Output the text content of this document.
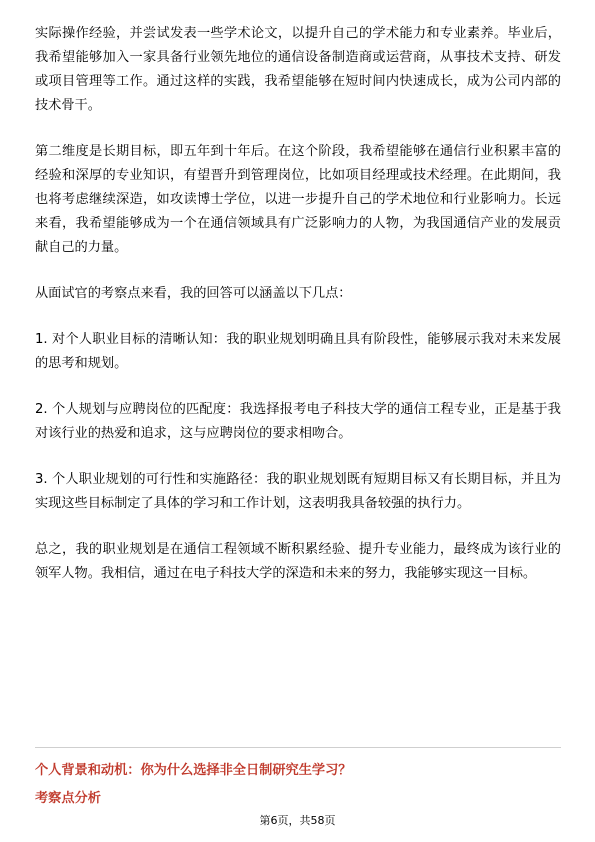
实际操作经验，并尝试发表一些学术论文，以提升自己的学术能力和专业素养。毕业后，我希望能够加入一家具备行业领先地位的通信设备制造商或运营商，从事技术支持、研发或项目管理等工作。通过这样的实践，我希望能够在短时间内快速成长，成为公司内部的技术骨干。

第二维度是长期目标，即五年到十年后。在这个阶段，我希望能够在通信行业积累丰富的经验和深厚的专业知识，有望晋升到管理岗位，比如项目经理或技术经理。在此期间，我也将考虑继续深造，如攻读博士学位，以进一步提升自己的学术地位和行业影响力。长远来看，我希望能够成为一个在通信领域具有广泛影响力的人物，为我国通信产业的发展贡献自己的力量。

从面试官的考察点来看，我的回答可以涵盖以下几点：

1. 对个人职业目标的清晰认知：我的职业规划明确且具有阶段性，能够展示我对未来发展的思考和规划。

2. 个人规划与应聘岗位的匹配度：我选择报考电子科技大学的通信工程专业，正是基于我对该行业的热爱和追求，这与应聘岗位的要求相吻合。

3. 个人职业规划的可行性和实施路径：我的职业规划既有短期目标又有长期目标，并且为实现这些目标制定了具体的学习和工作计划，这表明我具备较强的执行力。

总之，我的职业规划是在通信工程领域不断积累经验、提升专业能力，最终成为该行业的领军人物。我相信，通过在电子科技大学的深造和未来的努力，我能够实现这一目标。

个人背景和动机：你为什么选择非全日制研究生学习？

考察点分析

第6页，共58页
